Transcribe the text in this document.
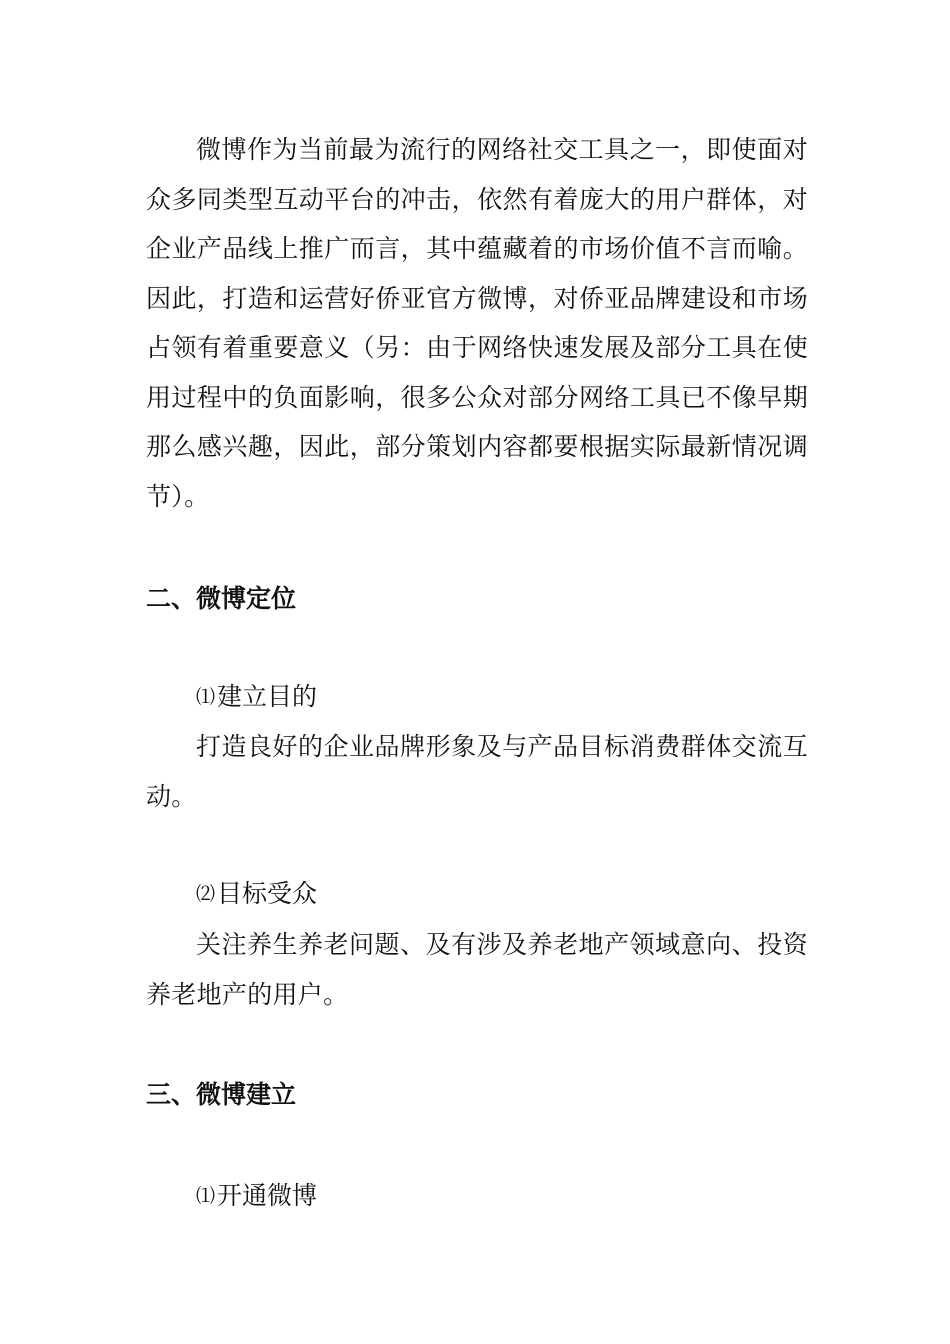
微博作为当前最为流行的网络社交工具之一，即使面对众多同类型互动平台的冲击，依然有着庞大的用户群体，对企业产品线上推广而言，其中蕴藏着的市场价值不言而喻。因此，打造和运营好侨亚官方微博，对侨亚品牌建设和市场占领有着重要意义（另：由于网络快速发展及部分工具在使用过程中的负面影响，很多公众对部分网络工具已不像早期那么感兴趣，因此，部分策划内容都要根据实际最新情况调节）。

二、微博定位
⑴建立目的

打造良好的企业品牌形象及与产品目标消费群体交流互动。

⑵目标受众

关注养生养老问题、及有涉及养老地产领域意向、投资养老地产的用户。

三、微博建立
⑴开通微博
